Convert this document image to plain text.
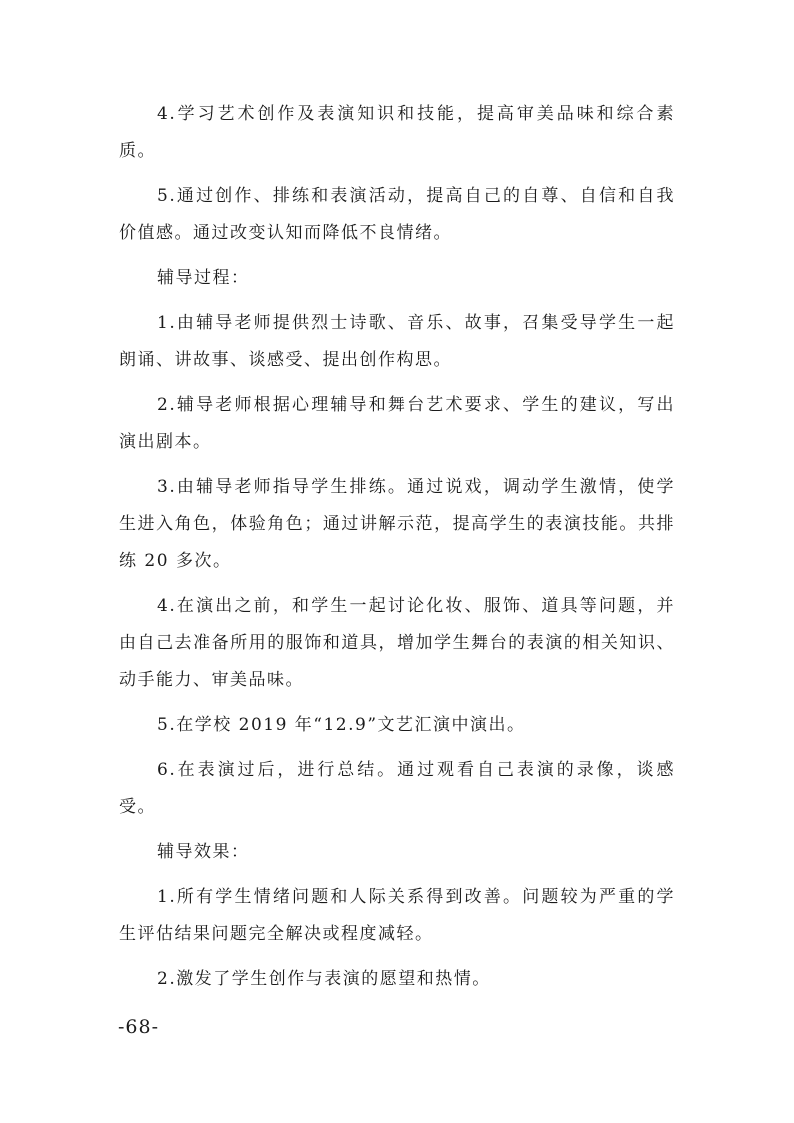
4.学习艺术创作及表演知识和技能，提高审美品味和综合素质。

5.通过创作、排练和表演活动，提高自己的自尊、自信和自我价值感。通过改变认知而降低不良情绪。

辅导过程：

1.由辅导老师提供烈士诗歌、音乐、故事，召集受导学生一起朗诵、讲故事、谈感受、提出创作构思。

2.辅导老师根据心理辅导和舞台艺术要求、学生的建议，写出演出剧本。

3.由辅导老师指导学生排练。通过说戏，调动学生激情，使学生进入角色，体验角色；通过讲解示范，提高学生的表演技能。共排练 20 多次。

4.在演出之前，和学生一起讨论化妆、服饰、道具等问题，并由自己去准备所用的服饰和道具，增加学生舞台的表演的相关知识、动手能力、审美品味。

5.在学校 2019 年“12.9”文艺汇演中演出。

6.在表演过后，进行总结。通过观看自己表演的录像，谈感受。

辅导效果：

1.所有学生情绪问题和人际关系得到改善。问题较为严重的学生评估结果问题完全解决或程度减轻。

2.激发了学生创作与表演的愿望和热情。

-68-
